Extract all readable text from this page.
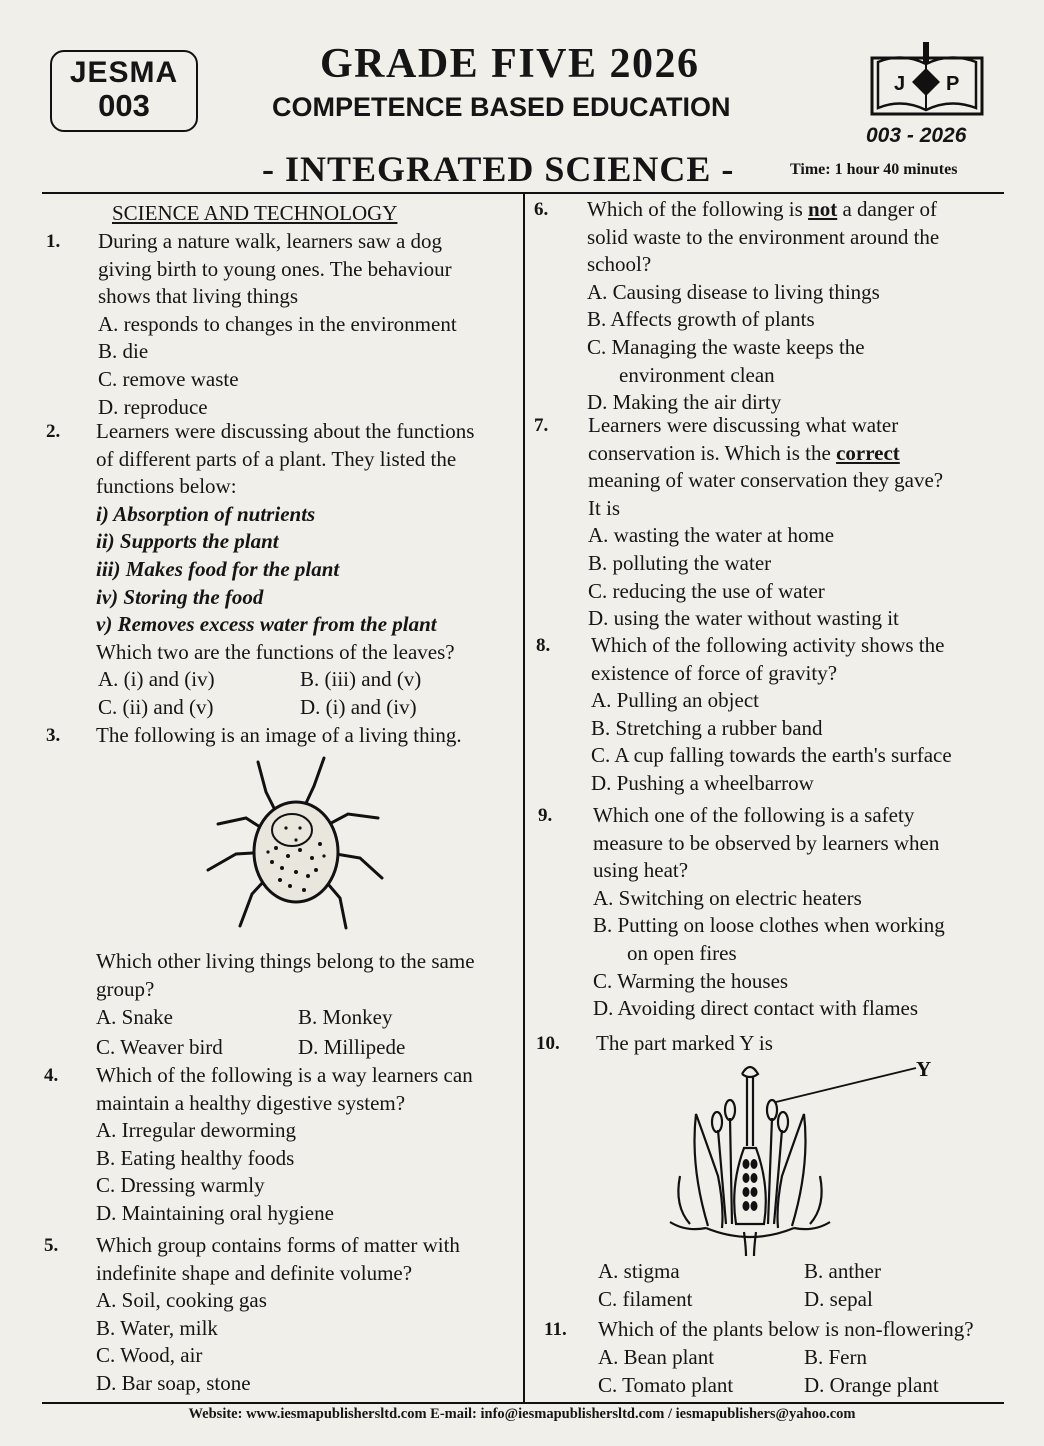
JESMA
003
GRADE FIVE 2026
COMPETENCE BASED EDUCATION
J P
003 - 2026
- INTEGRATED SCIENCE -	Time: 1 hour 40 minutes
SCIENCE AND TECHNOLOGY
1. During a nature walk, learners saw a dog
giving birth to young ones. The behaviour
shows that living things
A. responds to changes in the environment
B. die
C. remove waste
D. reproduce
2. Learners were discussing about the functions
of different parts of a plant. They listed the
functions below:
i) Absorption of nutrients
ii) Supports the plant
iii) Makes food for the plant
iv) Storing the food
v) Removes excess water from the plant
Which two are the functions of the leaves?
A. (i) and (iv)	B. (iii) and (v)
C. (ii) and (v)	D. (i) and (iv)
3. The following is an image of a living thing.
Which other living things belong to the same
group?
A. Snake	B. Monkey
C. Weaver bird	D. Millipede
4. Which of the following is a way learners can
maintain a healthy digestive system?
A. Irregular deworming
B. Eating healthy foods
C. Dressing warmly
D. Maintaining oral hygiene
5. Which group contains forms of matter with
indefinite shape and definite volume?
A. Soil, cooking gas
B. Water, milk
C. Wood, air
D. Bar soap, stone
6. Which of the following is not a danger of
solid waste to the environment around the
school?
A. Causing disease to living things
B. Affects growth of plants
C. Managing the waste keeps the
environment clean
D. Making the air dirty
7. Learners were discussing what water
conservation is. Which is the correct
meaning of water conservation they gave?
It is
A. wasting the water at home
B. polluting the water
C. reducing the use of water
D. using the water without wasting it
8. Which of the following activity shows the
existence of force of gravity?
A. Pulling an object
B. Stretching a rubber band
C. A cup falling towards the earth's surface
D. Pushing a wheelbarrow
9. Which one of the following is a safety
measure to be observed by learners when
using heat?
A. Switching on electric heaters
B. Putting on loose clothes when working
on open fires
C. Warming the houses
D. Avoiding direct contact with flames
10. The part marked Y is
Y
A. stigma	B. anther
C. filament	D. sepal
11. Which of the plants below is non-flowering?
A. Bean plant	B. Fern
C. Tomato plant	D. Orange plant
Website: www.iesmapublishersltd.com E-mail: info@iesmapublishersltd.com / iesmapublishers@yahoo.com
